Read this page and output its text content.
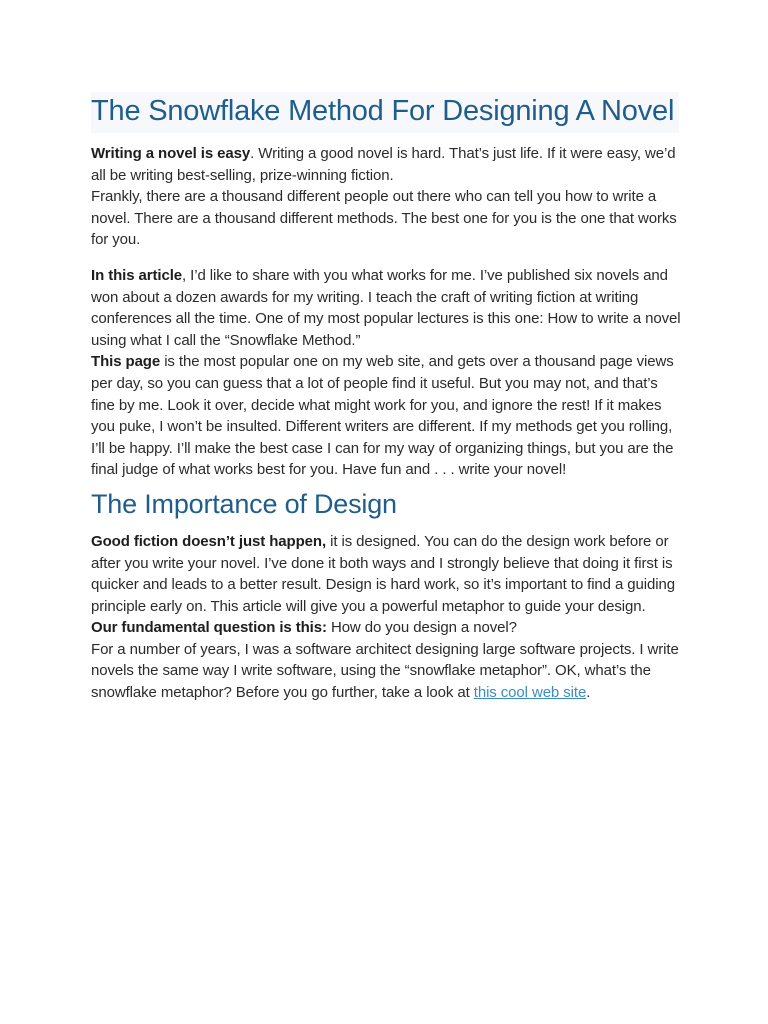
The Snowflake Method For Designing A Novel

Writing a novel is easy. Writing a good novel is hard. That’s just life. If it were easy, we’d all be writing best-selling, prize-winning fiction.

Frankly, there are a thousand different people out there who can tell you how to write a novel. There are a thousand different methods. The best one for you is the one that works for you.

In this article, I’d like to share with you what works for me. I’ve published six novels and won about a dozen awards for my writing. I teach the craft of writing fiction at writing conferences all the time. One of my most popular lectures is this one: How to write a novel using what I call the “Snowflake Method.”

This page is the most popular one on my web site, and gets over a thousand page views per day, so you can guess that a lot of people find it useful. But you may not, and that’s fine by me. Look it over, decide what might work for you, and ignore the rest! If it makes you puke, I won’t be insulted. Different writers are different. If my methods get you rolling, I’ll be happy. I’ll make the best case I can for my way of organizing things, but you are the final judge of what works best for you. Have fun and . . . write your novel!

The Importance of Design

Good fiction doesn’t just happen, it is designed. You can do the design work before or after you write your novel. I’ve done it both ways and I strongly believe that doing it first is quicker and leads to a better result. Design is hard work, so it’s important to find a guiding principle early on. This article will give you a powerful metaphor to guide your design.

Our fundamental question is this: How do you design a novel?

For a number of years, I was a software architect designing large software projects. I write novels the same way I write software, using the “snowflake metaphor”. OK, what’s the snowflake metaphor? Before you go further, take a look at this cool web site.
